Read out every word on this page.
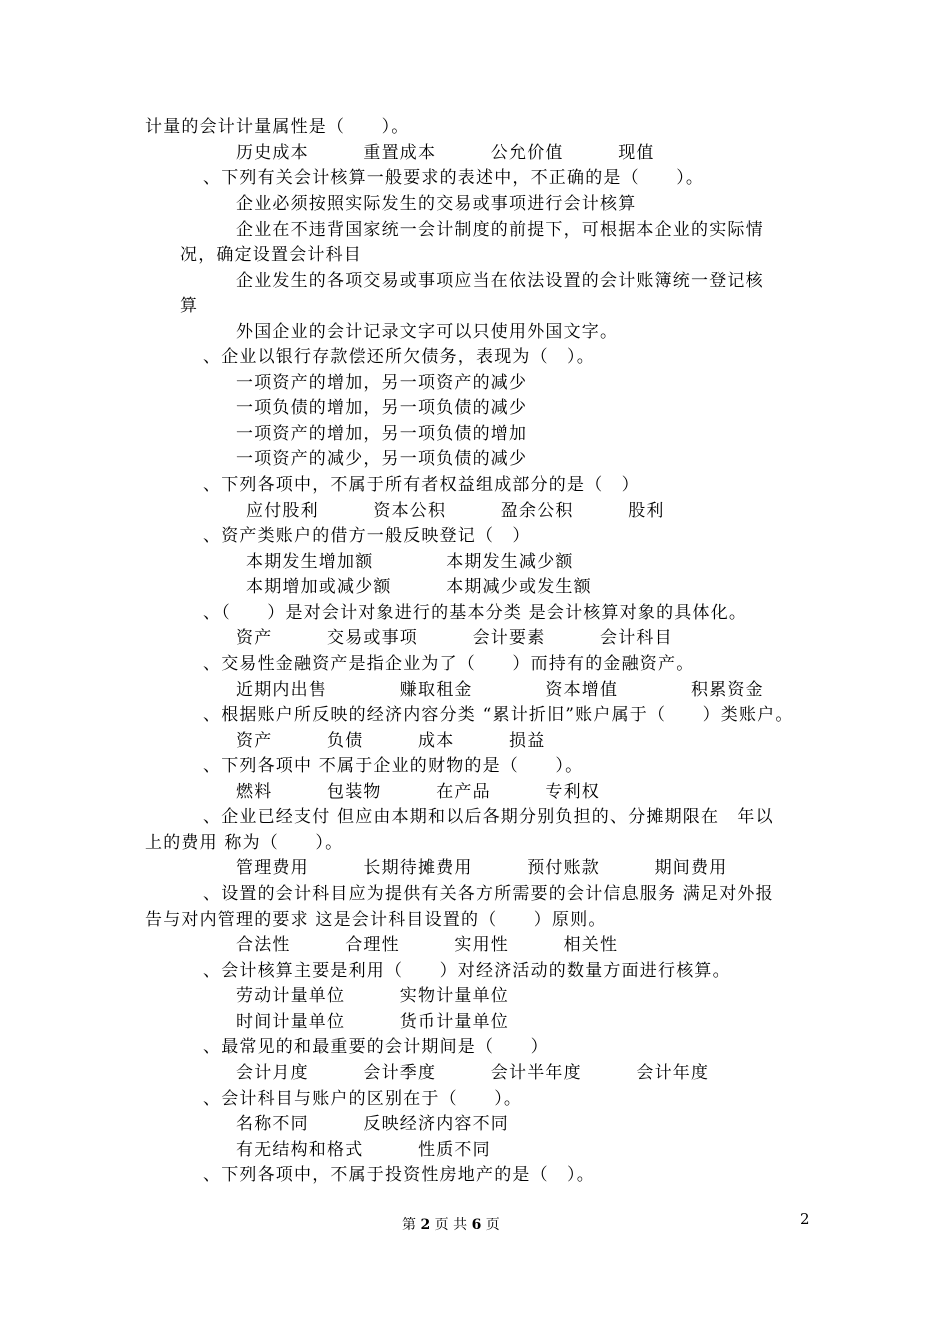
计量的会计计量属性是（　　）。
历史成本　　　重置成本　　　公允价值　　　现值
、下列有关会计核算一般要求的表述中，不正确的是（　　）。
企业必须按照实际发生的交易或事项进行会计核算
企业在不违背国家统一会计制度的前提下，可根据本企业的实际情
况，确定设置会计科目
企业发生的各项交易或事项应当在依法设置的会计账簿统一登记核
算
外国企业的会计记录文字可以只使用外国文字。
、企业以银行存款偿还所欠债务，表现为（　）。
一项资产的增加，另一项资产的减少
一项负债的增加，另一项负债的减少
一项资产的增加，另一项负债的增加
一项资产的减少，另一项负债的减少
、下列各项中，不属于所有者权益组成部分的是（　）
应付股利　　　资本公积　　　盈余公积　　　股利
、资产类账户的借方一般反映登记（　）
本期发生增加额　　　　本期发生减少额
本期增加或减少额　　　本期减少或发生额
、（　　）是对会计对象进行的基本分类 是会计核算对象的具体化。
资产　　　交易或事项　　　会计要素　　　会计科目
、交易性金融资产是指企业为了（　　）而持有的金融资产。
近期内出售　　　　赚取租金　　　　资本增值　　　　积累资金
、根据账户所反映的经济内容分类 “累计折旧”账户属于（　　）类账户。
资产　　　负债　　　成本　　　损益
、下列各项中 不属于企业的财物的是（　　）。
燃料　　　包装物　　　在产品　　　专利权
、企业已经支付 但应由本期和以后各期分别负担的、分摊期限在　年以
上的费用 称为（　　）。
管理费用　　　长期待摊费用　　　预付账款　　　期间费用
、设置的会计科目应为提供有关各方所需要的会计信息服务 满足对外报
告与对内管理的要求 这是会计科目设置的（　　）原则。
合法性　　　合理性　　　实用性　　　相关性
、会计核算主要是利用（　　）对经济活动的数量方面进行核算。
劳动计量单位　　　实物计量单位
时间计量单位　　　货币计量单位
、最常见的和最重要的会计期间是（　　）
会计月度　　　会计季度　　　会计半年度　　　会计年度
、会计科目与账户的区别在于（　　）。
名称不同　　　反映经济内容不同
有无结构和格式　　　性质不同
、下列各项中，不属于投资性房地产的是（　）。
第 2 页 共 6 页	2
